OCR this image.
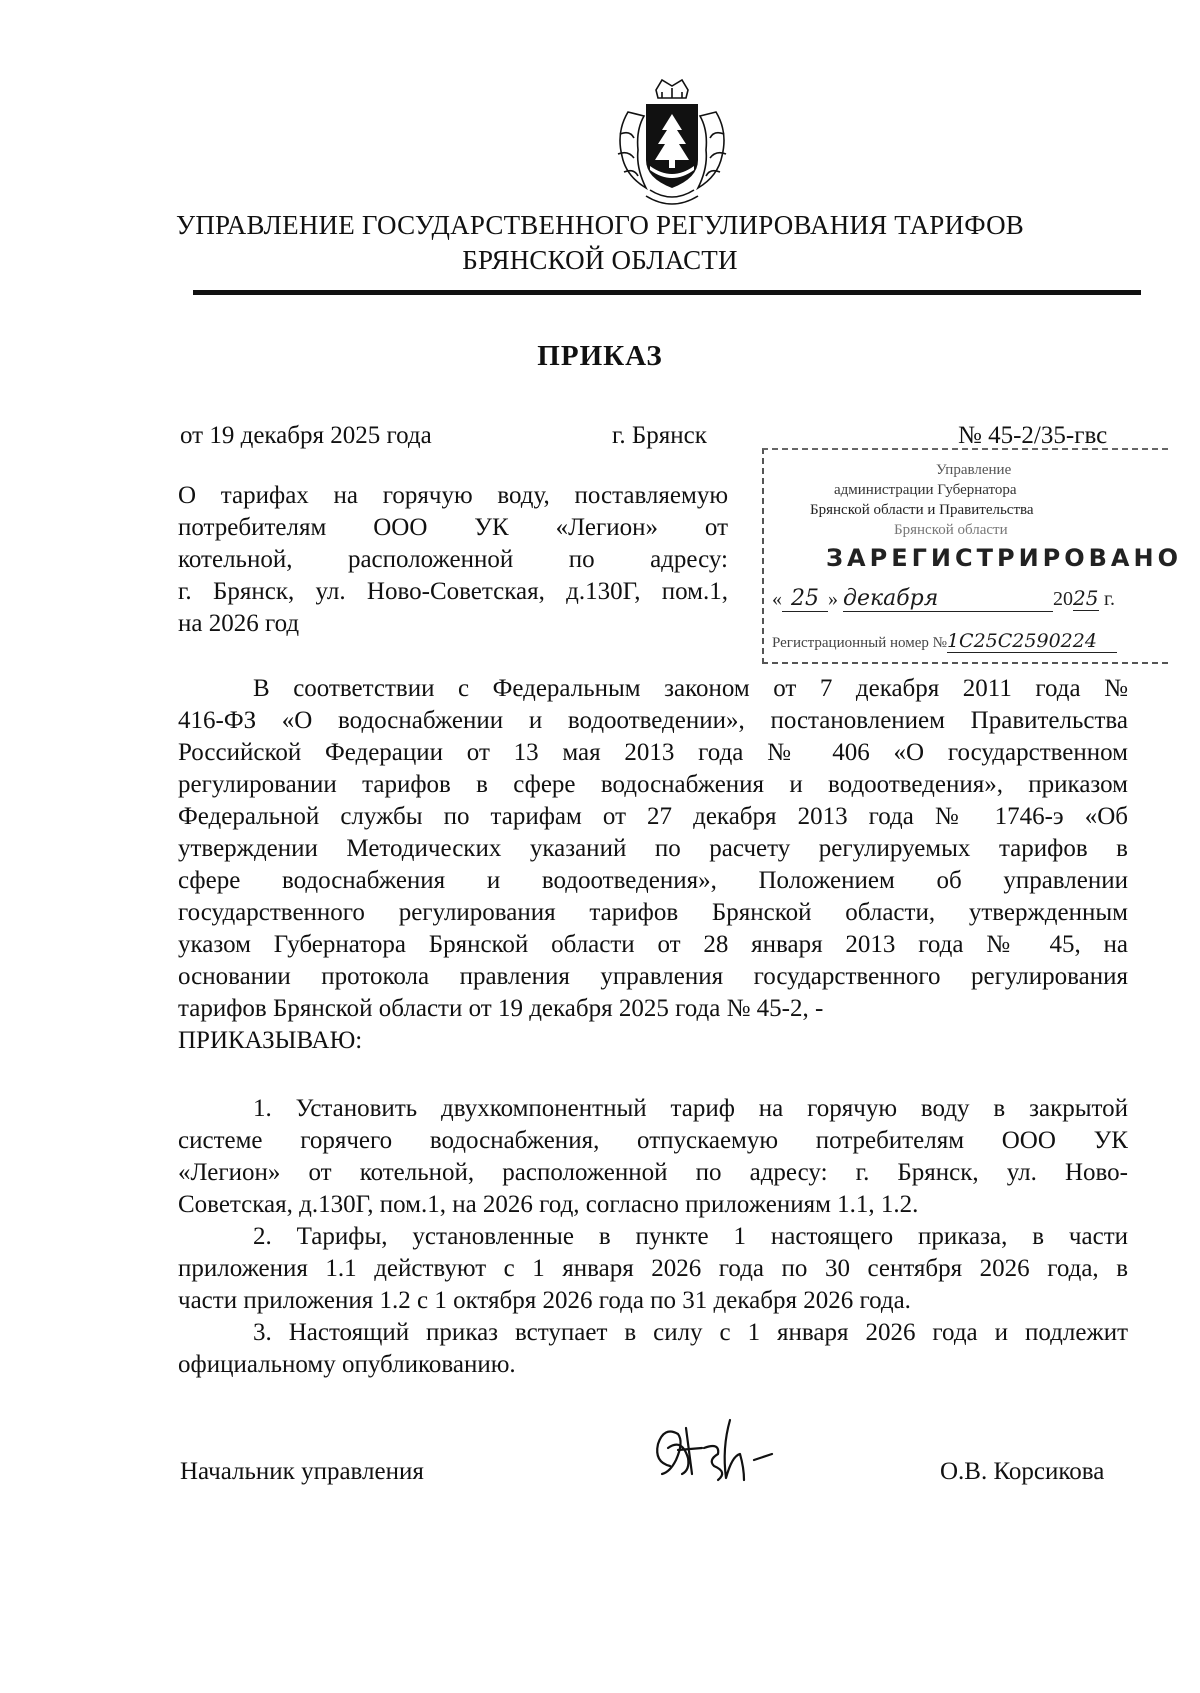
УПРАВЛЕНИЕ ГОСУДАРСТВЕННОГО РЕГУЛИРОВАНИЯ ТАРИФОВ
БРЯНСКОЙ ОБЛАСТИ
ПРИКАЗ
от 19 декабря 2025 года	г. Брянск	№ 45-2/35-гвс
О тарифах на горячую воду, поставляемую
потребителям ООО УК «Легион» от
котельной, расположенной по адресу:
г. Брянск, ул. Ново-Советская, д.130Г, пом.1,
на 2026 год
Управление
администрации Губернатора
Брянской области и Правительства
Брянской области
ЗАРЕГИСТРИРОВАНО
« 25 » декабря	2025 г.
Регистрационный номер №1С25С2590224

В соответствии с Федеральным законом от 7 декабря 2011 года №

416-ФЗ «О водоснабжении и водоотведении», постановлением Правительства

Российской Федерации от 13 мая 2013 года № 406 «О государственном

регулировании тарифов в сфере водоснабжения и водоотведения», приказом

Федеральной службы по тарифам от 27 декабря 2013 года № 1746-э «Об

утверждении Методических указаний по расчету регулируемых тарифов в

сфере водоснабжения и водоотведения», Положением об управлении

государственного регулирования тарифов Брянской области, утвержденным

указом Губернатора Брянской области от 28 января 2013 года № 45, на

основании протокола правления управления государственного регулирования

тарифов Брянской области от 19 декабря 2025 года № 45-2, -

ПРИКАЗЫВАЮ:

1. Установить двухкомпонентный тариф на горячую воду в закрытой

системе горячего водоснабжения, отпускаемую потребителям ООО УК

«Легион» от котельной, расположенной по адресу: г. Брянск, ул. Ново-

Советская, д.130Г, пом.1, на 2026 год, согласно приложениям 1.1, 1.2.

2. Тарифы, установленные в пункте 1 настоящего приказа, в части

приложения 1.1 действуют с 1 января 2026 года по 30 сентября 2026 года, в

части приложения 1.2 с 1 октября 2026 года по 31 декабря 2026 года.

3. Настоящий приказ вступает в силу с 1 января 2026 года и подлежит

официальному опубликованию.

Начальник управления	О.В. Корсикова
